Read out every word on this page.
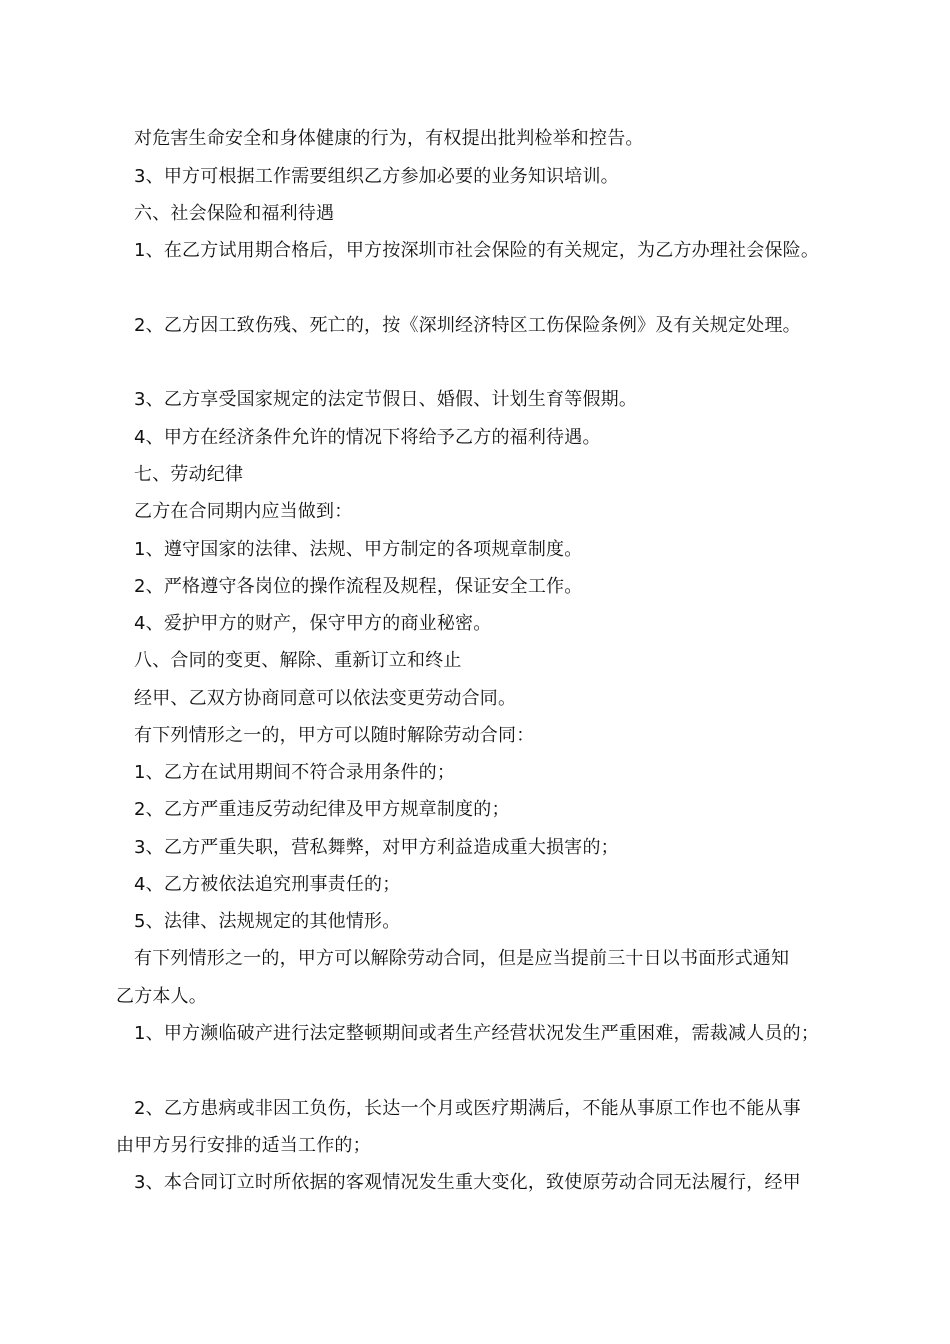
对危害生命安全和身体健康的行为，有权提出批判检举和控告。
3、甲方可根据工作需要组织乙方参加必要的业务知识培训。
六、社会保险和福利待遇
1、在乙方试用期合格后，甲方按深圳市社会保险的有关规定，为乙方办理社会保险。
2、乙方因工致伤残、死亡的，按《深圳经济特区工伤保险条例》及有关规定处理。
3、乙方享受国家规定的法定节假日、婚假、计划生育等假期。
4、甲方在经济条件允许的情况下将给予乙方的福利待遇。
七、劳动纪律
乙方在合同期内应当做到：
1、遵守国家的法律、法规、甲方制定的各项规章制度。
2、严格遵守各岗位的操作流程及规程，保证安全工作。
4、爱护甲方的财产，保守甲方的商业秘密。
八、合同的变更、解除、重新订立和终止
经甲、乙双方协商同意可以依法变更劳动合同。
有下列情形之一的，甲方可以随时解除劳动合同：
1、乙方在试用期间不符合录用条件的；
2、乙方严重违反劳动纪律及甲方规章制度的；
3、乙方严重失职，营私舞弊，对甲方利益造成重大损害的；
4、乙方被依法追究刑事责任的；
5、法律、法规规定的其他情形。
有下列情形之一的，甲方可以解除劳动合同，但是应当提前三十日以书面形式通知
乙方本人。
1、甲方濒临破产进行法定整顿期间或者生产经营状况发生严重困难，需裁减人员的；
2、乙方患病或非因工负伤，长达一个月或医疗期满后，不能从事原工作也不能从事
由甲方另行安排的适当工作的；
3、本合同订立时所依据的客观情况发生重大变化，致使原劳动合同无法履行，经甲
